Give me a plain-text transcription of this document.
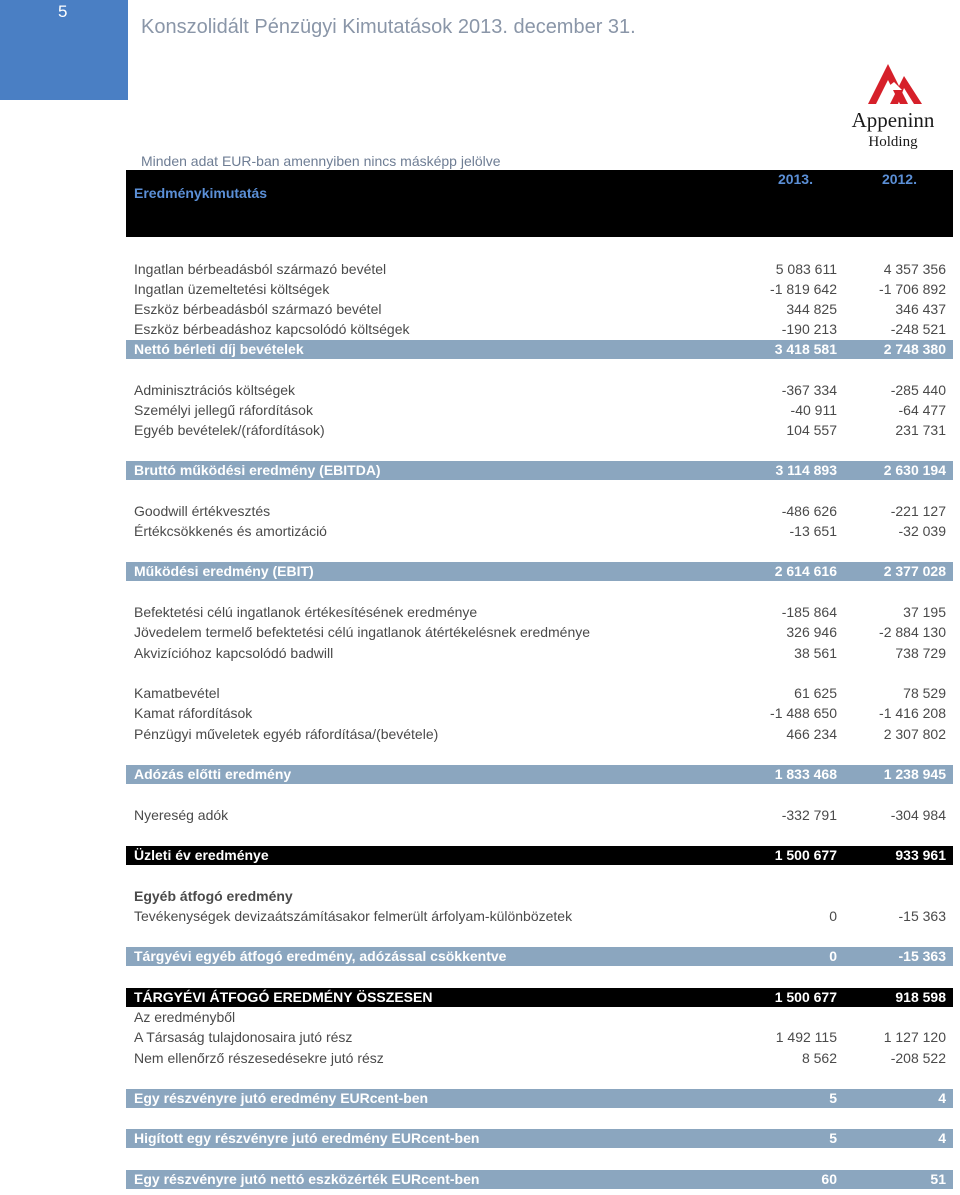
5
Konszolidált Pénzügyi Kimutatások 2013. december 31.
Appeninn
Holding
Minden adat EUR-ban amennyiben nincs másképp jelölve
Eredménykimutatás
2013.	2012.
Ingatlan bérbeadásból származó bevétel	5 083 611	4 357 356
Ingatlan üzemeltetési költségek	-1 819 642	-1 706 892
Eszköz bérbeadásból származó bevétel	344 825	346 437
Eszköz bérbeadáshoz kapcsolódó költségek	-190 213	-248 521
Nettó bérleti díj bevételek	3 418 581	2 748 380
Adminisztrációs költségek	-367 334	-285 440
Személyi jellegű ráfordítások	-40 911	-64 477
Egyéb bevételek/(ráfordítások)	104 557	231 731
Bruttó működési eredmény (EBITDA)	3 114 893	2 630 194
Goodwill értékvesztés	-486 626	-221 127
Értékcsökkenés és amortizáció	-13 651	-32 039
Működési eredmény (EBIT)	2 614 616	2 377 028
Befektetési célú ingatlanok értékesítésének eredménye	-185 864	37 195
Jövedelem termelő befektetési célú ingatlanok átértékelésnek eredménye	326 946	-2 884 130
Akvizícióhoz kapcsolódó badwill	38 561	738 729
Kamatbevétel	61 625	78 529
Kamat ráfordítások	-1 488 650	-1 416 208
Pénzügyi műveletek egyéb ráfordítása/(bevétele)	466 234	2 307 802
Adózás előtti eredmény	1 833 468	1 238 945
Nyereség adók	-332 791	-304 984
Üzleti év eredménye	1 500 677	933 961
Egyéb átfogó eredmény
Tevékenységek devizaátszámításakor felmerült árfolyam-különbözetek	0	-15 363
Tárgyévi egyéb átfogó eredmény, adózással csökkentve	0	-15 363
TÁRGYÉVI ÁTFOGÓ EREDMÉNY ÖSSZESEN	1 500 677	918 598
Az eredményből
A Társaság tulajdonosaira jutó rész	1 492 115	1 127 120
Nem ellenőrző részesedésekre jutó rész	8 562	-208 522
Egy részvényre jutó eredmény EURcent-ben	5	4
Higított egy részvényre jutó eredmény EURcent-ben	5	4
Egy részvényre jutó nettó eszközérték EURcent-ben	60	51
